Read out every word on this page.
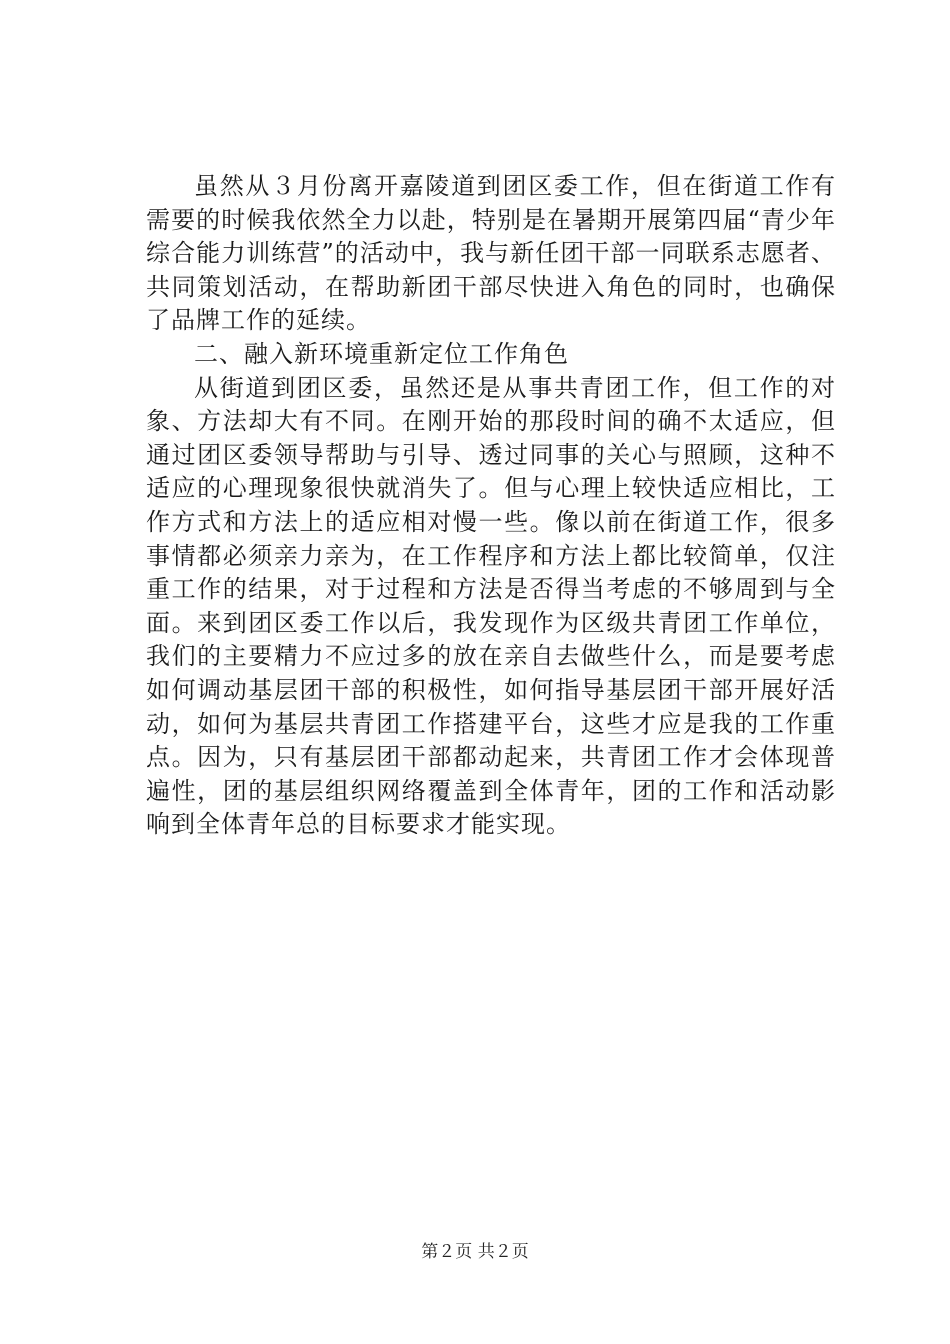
虽然从３月份离开嘉陵道到团区委工作，但在街道工作有需要的时候我依然全力以赴，特别是在暑期开展第四届“青少年综合能力训练营”的活动中，我与新任团干部一同联系志愿者、共同策划活动，在帮助新团干部尽快进入角色的同时，也确保了品牌工作的延续。

二、融入新环境重新定位工作角色

从街道到团区委，虽然还是从事共青团工作，但工作的对象、方法却大有不同。在刚开始的那段时间的确不太适应，但通过团区委领导帮助与引导、透过同事的关心与照顾，这种不适应的心理现象很快就消失了。但与心理上较快适应相比，工作方式和方法上的适应相对慢一些。像以前在街道工作，很多事情都必须亲力亲为，在工作程序和方法上都比较简单，仅注重工作的结果，对于过程和方法是否得当考虑的不够周到与全面。来到团区委工作以后，我发现作为区级共青团工作单位，我们的主要精力不应过多的放在亲自去做些什么，而是要考虑如何调动基层团干部的积极性，如何指导基层团干部开展好活动，如何为基层共青团工作搭建平台，这些才应是我的工作重点。因为，只有基层团干部都动起来，共青团工作才会体现普遍性，团的基层组织网络覆盖到全体青年，团的工作和活动影响到全体青年总的目标要求才能实现。

第２页 共２页
